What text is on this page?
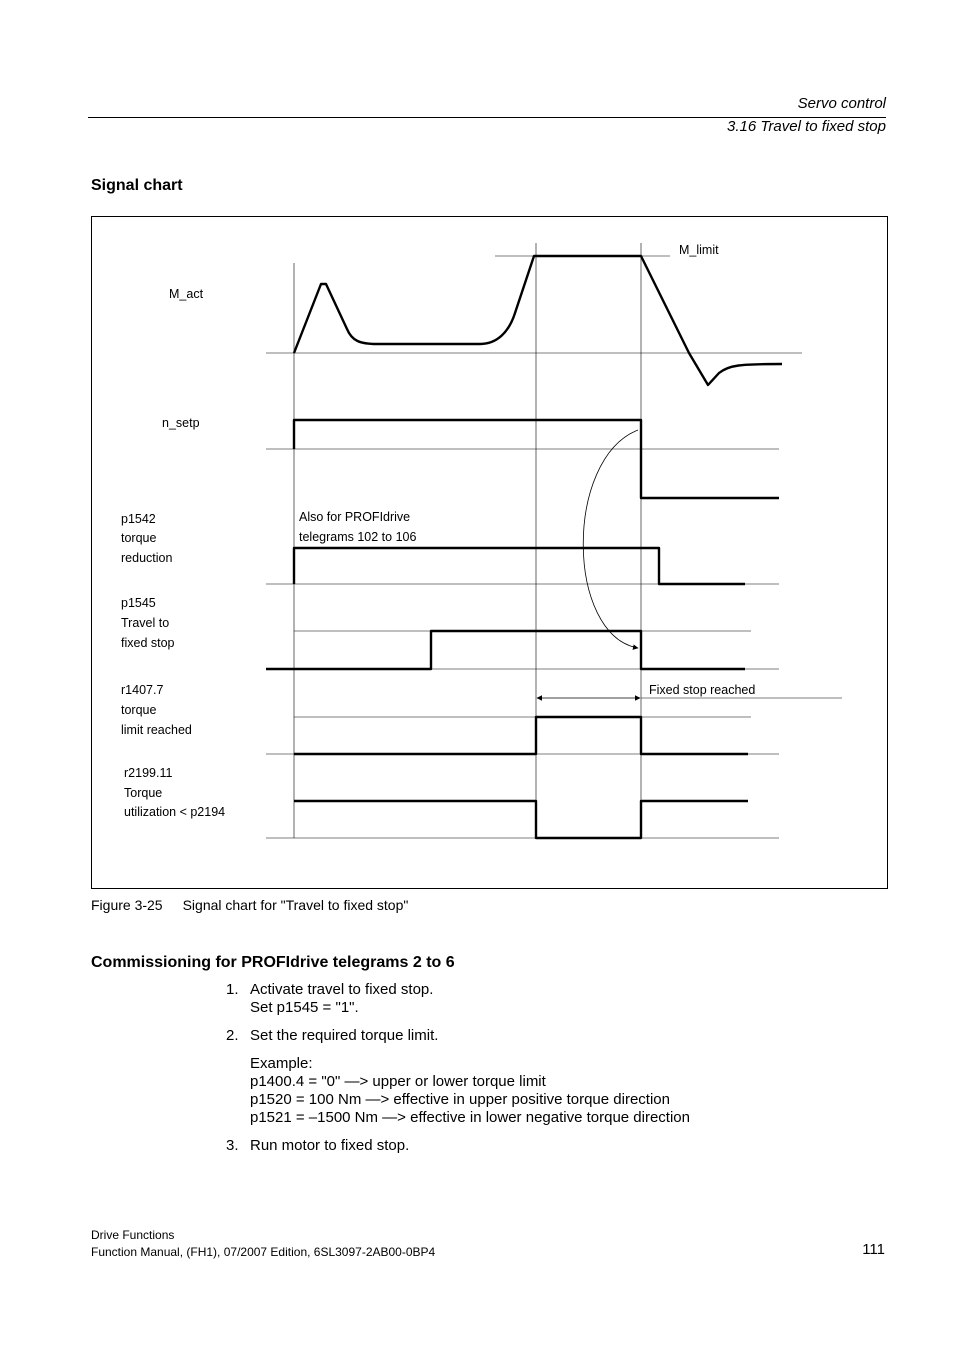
Servo control
3.16 Travel to fixed stop
Signal chart
M_act
n_setp
p1542
torque
reduction
p1545
Travel to
fixed stop
r1407.7
torque
limit reached
r2199.11
Torque
utilization < p2194
M_limit
Also for PROFIdrive
telegrams 102 to 106
Fixed stop reached
Figure 3-25 Signal chart for "Travel to fixed stop"
Commissioning for PROFIdrive telegrams 2 to 6
1. Activate travel to fixed stop.
Set p1545 = "1".
2. Set the required torque limit.
Example:
p1400.4 = "0" —> upper or lower torque limit
p1520 = 100 Nm —> effective in upper positive torque direction
p1521 = –1500 Nm —> effective in lower negative torque direction
3. Run motor to fixed stop.
Drive Functions
Function Manual, (FH1), 07/2007 Edition, 6SL3097-2AB00-0BP4	111
